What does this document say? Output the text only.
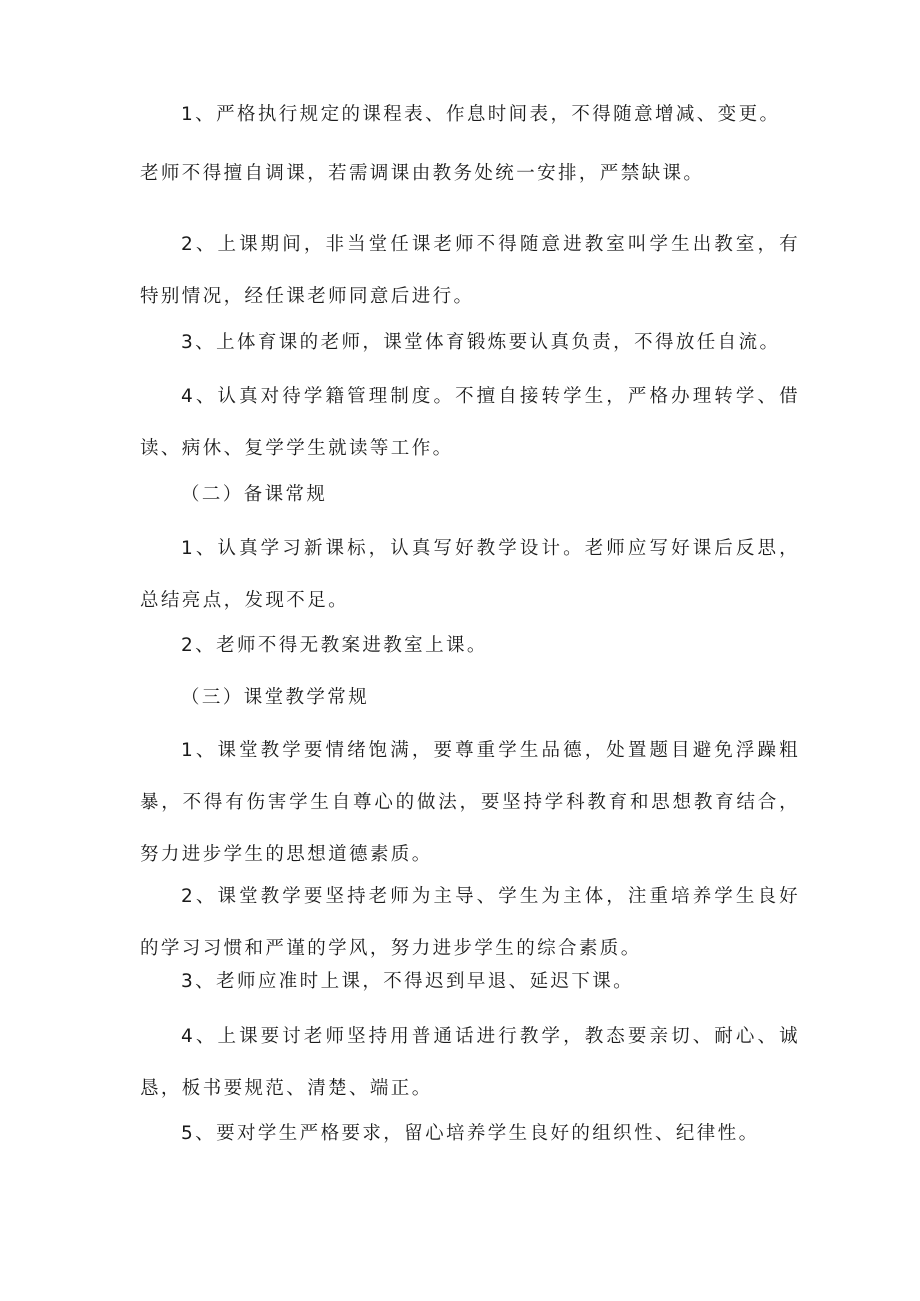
1、严格执行规定的课程表、作息时间表，不得随意增减、变更。

老师不得擅自调课，若需调课由教务处统一安排，严禁缺课。

2、上课期间，非当堂任课老师不得随意进教室叫学生出教室，有特别情况，经任课老师同意后进行。

3、上体育课的老师，课堂体育锻炼要认真负责，不得放任自流。

4、认真对待学籍管理制度。不擅自接转学生，严格办理转学、借读、病休、复学学生就读等工作。

（二）备课常规

1、认真学习新课标，认真写好教学设计。老师应写好课后反思，总结亮点，发现不足。

2、老师不得无教案进教室上课。

（三）课堂教学常规

1、课堂教学要情绪饱满，要尊重学生品德，处置题目避免浮躁粗暴，不得有伤害学生自尊心的做法，要坚持学科教育和思想教育结合，努力进步学生的思想道德素质。

2、课堂教学要坚持老师为主导、学生为主体，注重培养学生良好的学习习惯和严谨的学风，努力进步学生的综合素质。

3、老师应准时上课，不得迟到早退、延迟下课。

4、上课要讨老师坚持用普通话进行教学，教态要亲切、耐心、诚恳，板书要规范、清楚、端正。

5、要对学生严格要求，留心培养学生良好的组织性、纪律性。
